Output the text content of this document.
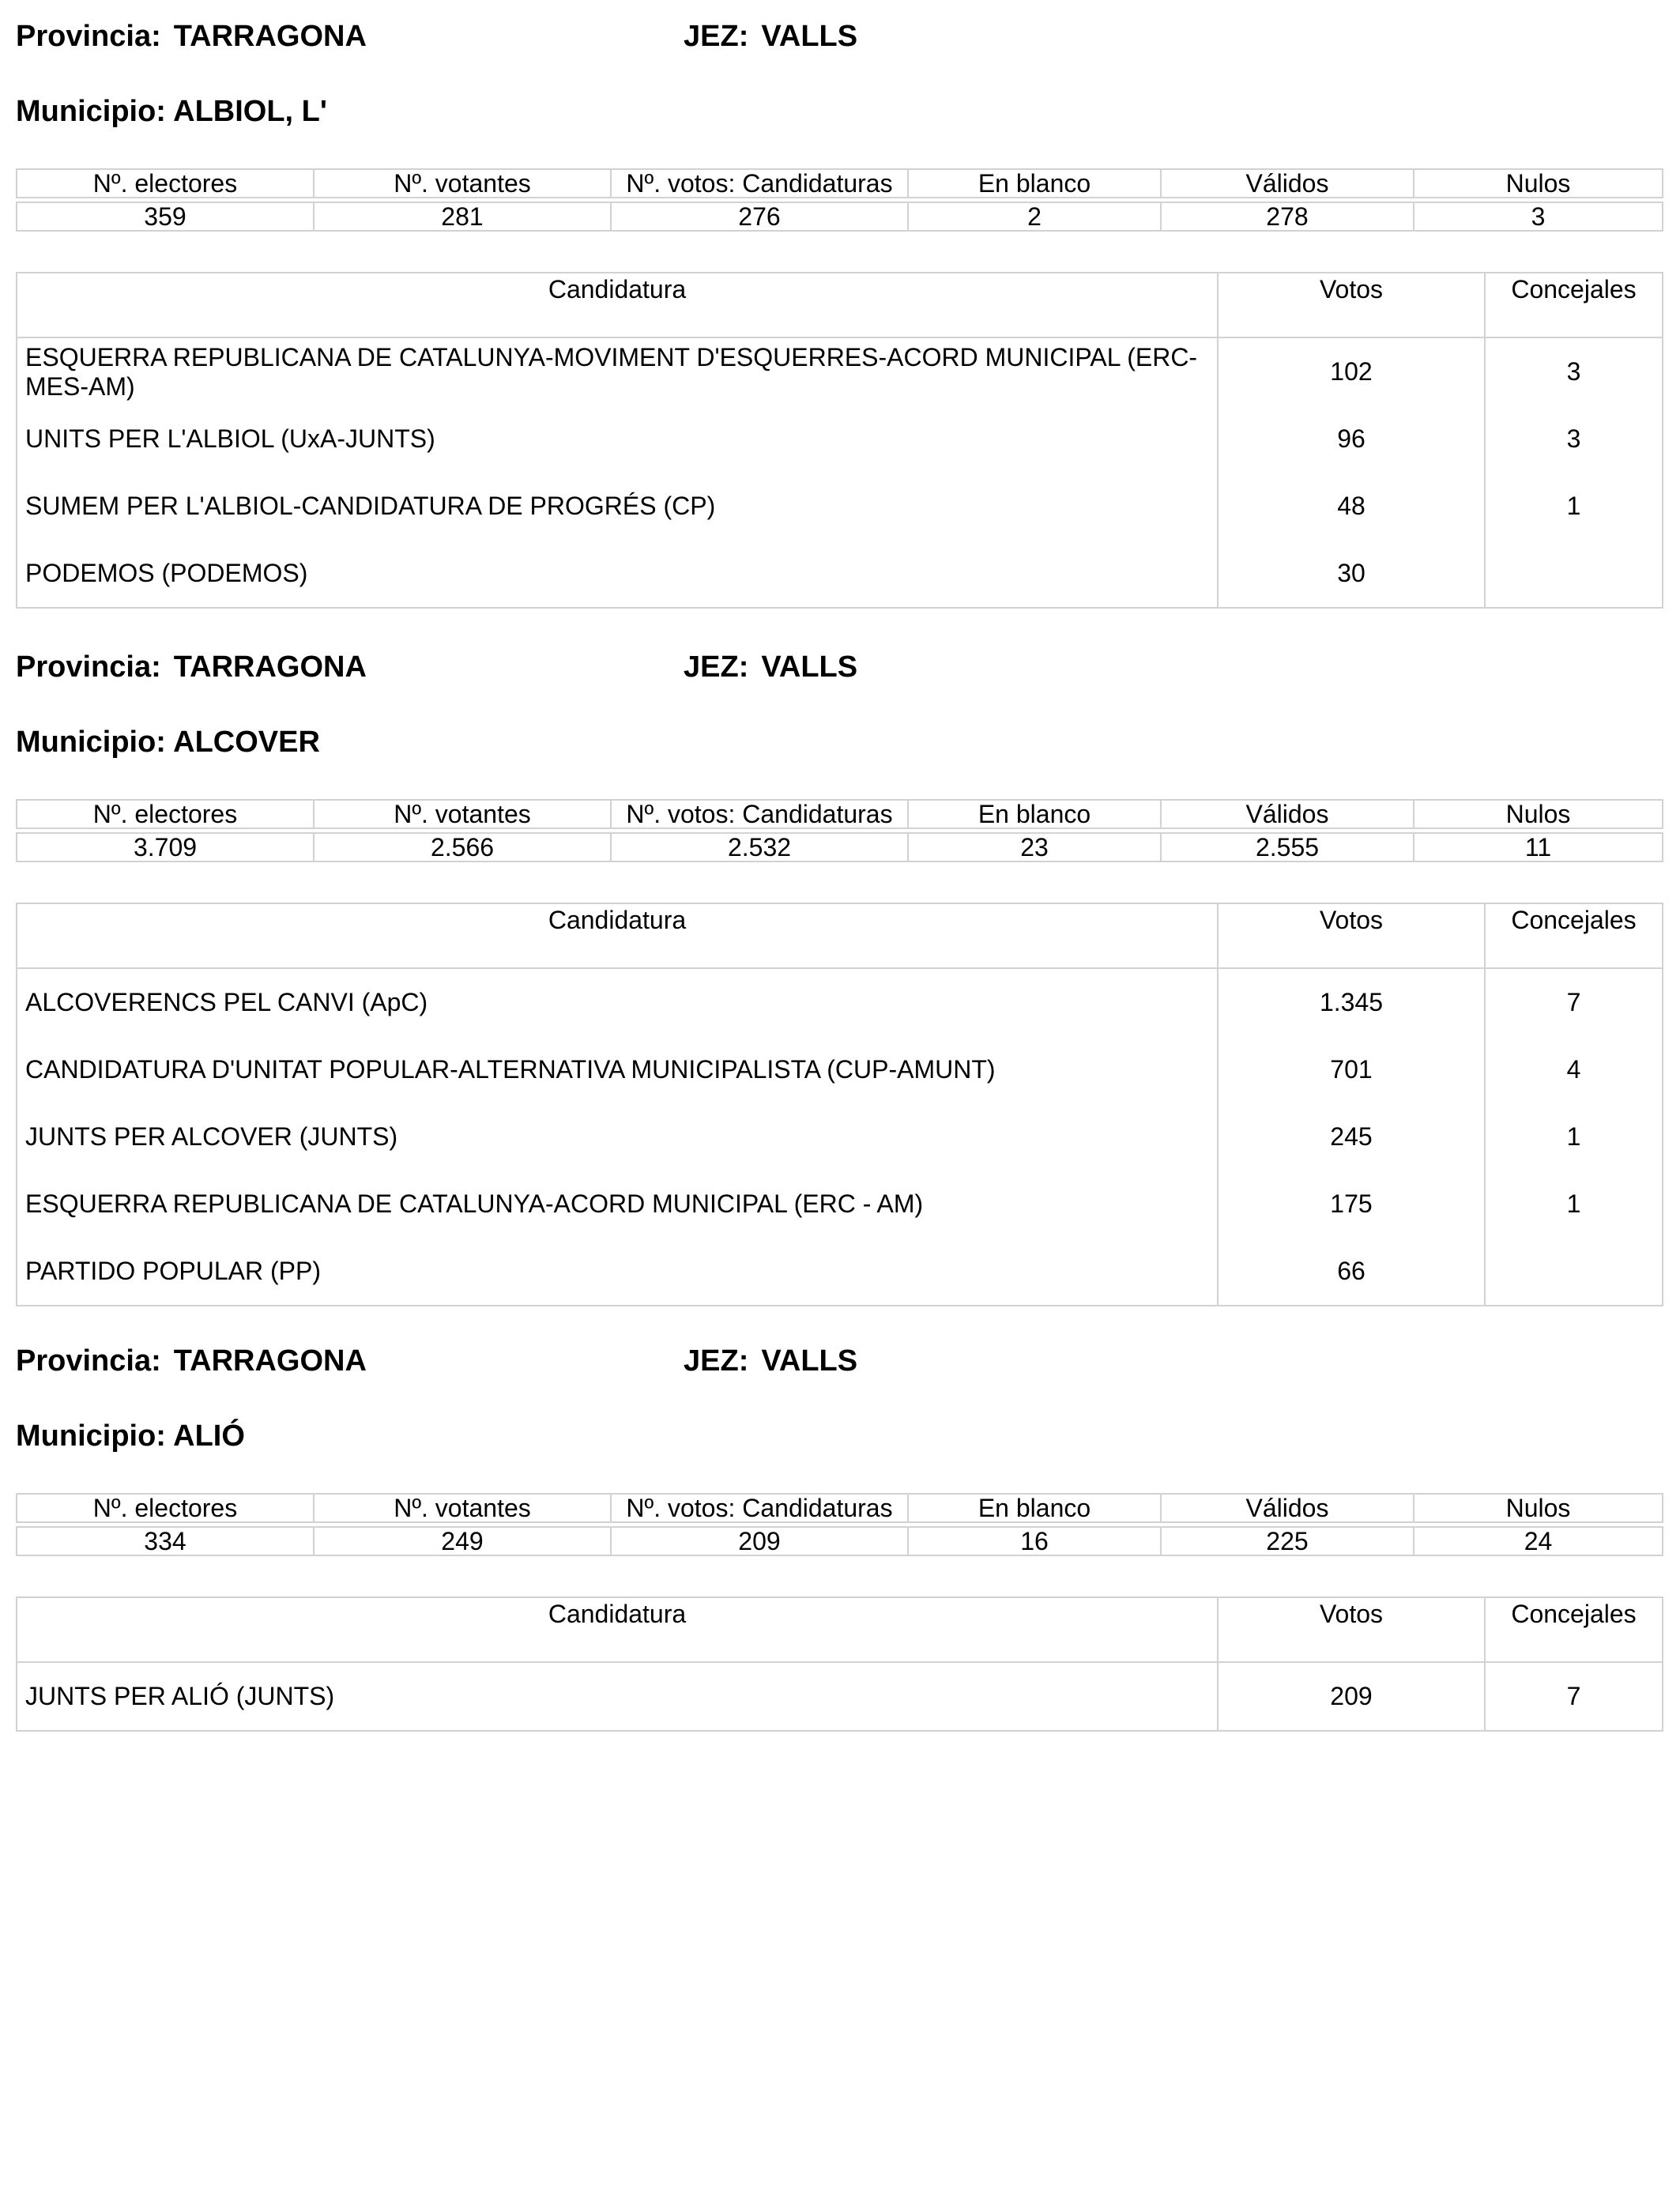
Provincia: TARRAGONA	JEZ: VALLS
Municipio: ALBIOL, L'
Nº. electores	Nº. votantes	Nº. votos: Candidaturas	En blanco	Válidos	Nulos

359	281	276	2	278	3
Candidatura	Votos	Concejales
ESQUERRA REPUBLICANA DE CATALUNYA-MOVIMENT D'ESQUERRES-ACORD MUNICIPAL (ERC-MES-AM)	102	3
UNITS PER L'ALBIOL (UxA-JUNTS)	96	3
SUMEM PER L'ALBIOL-CANDIDATURA DE PROGRÉS (CP)	48	1
PODEMOS (PODEMOS)	30	
Provincia: TARRAGONA	JEZ: VALLS
Municipio: ALCOVER
Nº. electores	Nº. votantes	Nº. votos: Candidaturas	En blanco	Válidos	Nulos

3.709	2.566	2.532	23	2.555	11
Candidatura	Votos	Concejales
ALCOVERENCS PEL CANVI (ApC)	1.345	7
CANDIDATURA D'UNITAT POPULAR-ALTERNATIVA MUNICIPALISTA (CUP-AMUNT)	701	4
JUNTS PER ALCOVER (JUNTS)	245	1
ESQUERRA REPUBLICANA DE CATALUNYA-ACORD MUNICIPAL (ERC - AM)	175	1
PARTIDO POPULAR (PP)	66	
Provincia: TARRAGONA	JEZ: VALLS
Municipio: ALIÓ
Nº. electores	Nº. votantes	Nº. votos: Candidaturas	En blanco	Válidos	Nulos

334	249	209	16	225	24
Candidatura	Votos	Concejales
JUNTS PER ALIÓ (JUNTS)	209	7
